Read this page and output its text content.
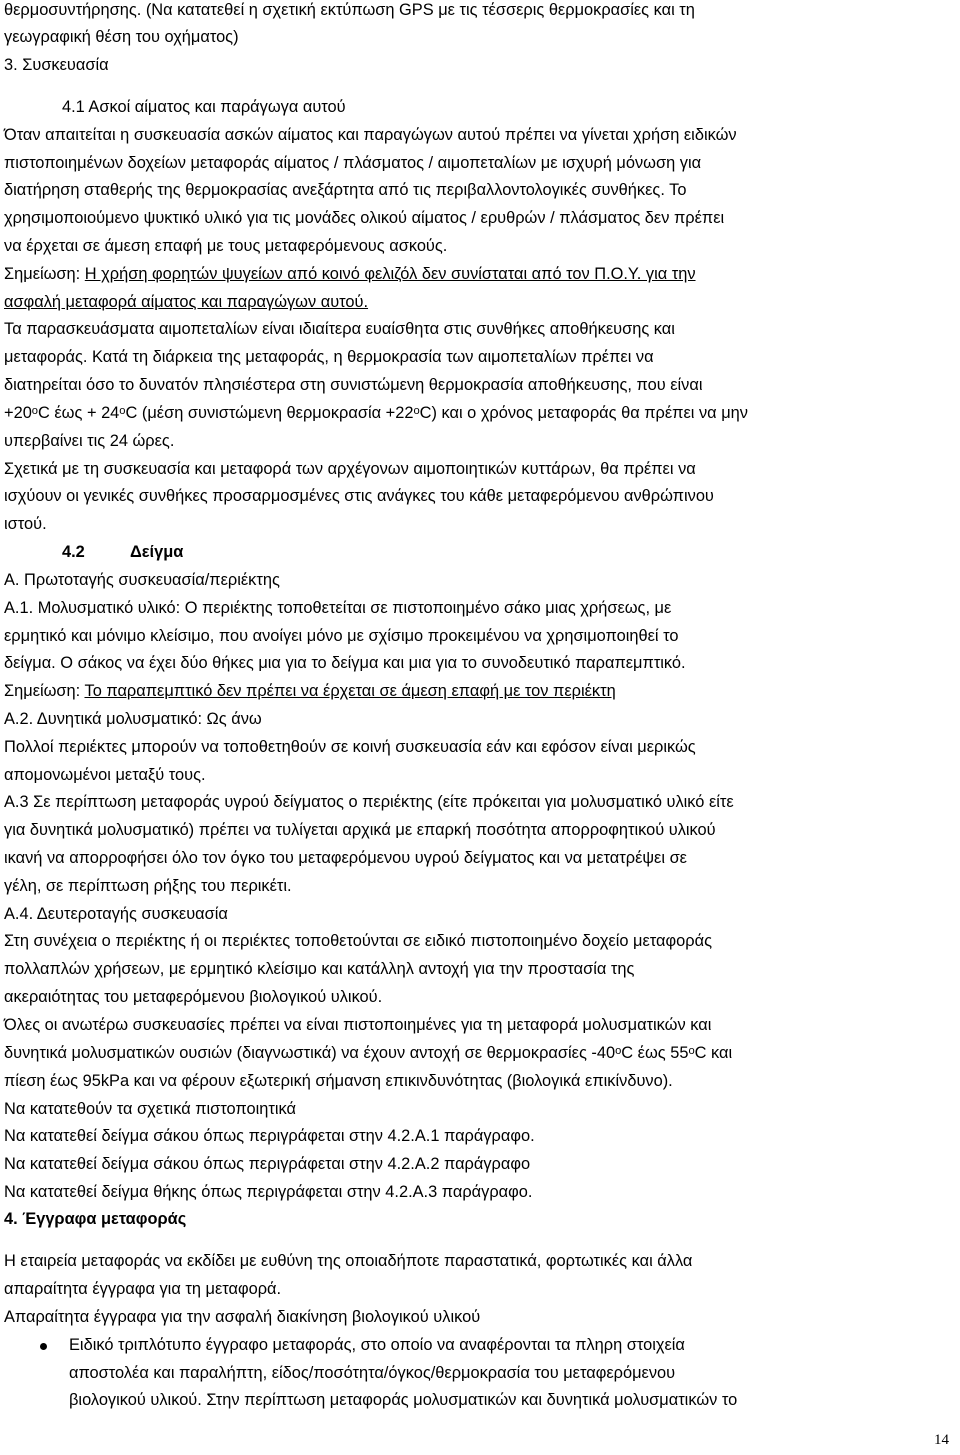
θερμοσυντήρησης. (Να κατατεθεί η σχετική εκτύπωση GPS με τις τέσσερις θερμοκρασίες και τη
γεωγραφική θέση του οχήματος)
3. Συσκευασία
4.1 Ασκοί αίματος και παράγωγα αυτού
Όταν απαιτείται η συσκευασία ασκών αίματος και παραγώγων αυτού πρέπει να γίνεται χρήση ειδικών
πιστοποιημένων δοχείων μεταφοράς αίματος / πλάσματος / αιμοπεταλίων με ισχυρή μόνωση για
διατήρηση σταθερής της θερμοκρασίας ανεξάρτητα από τις περιβαλλοντολογικές συνθήκες. Το
χρησιμοποιούμενο ψυκτικό υλικό για τις μονάδες ολικού αίματος / ερυθρών / πλάσματος δεν πρέπει
να έρχεται σε άμεση επαφή με τους μεταφερόμενους ασκούς.
Σημείωση: Η χρήση φορητών ψυγείων από κοινό φελιζόλ δεν συνίσταται από τον Π.Ο.Υ. για την
ασφαλή μεταφορά αίματος και παραγώγων αυτού.
Τα παρασκευάσματα αιμοπεταλίων είναι ιδιαίτερα ευαίσθητα στις συνθήκες αποθήκευσης και
μεταφοράς. Κατά τη διάρκεια της μεταφοράς, η θερμοκρασία των αιμοπεταλίων πρέπει να
διατηρείται όσο το δυνατόν πλησιέστερα στη συνιστώμενη θερμοκρασία αποθήκευσης, που είναι
+20ᵒC έως + 24ᵒC (μέση συνιστώμενη θερμοκρασία +22ᵒC) και ο χρόνος μεταφοράς θα πρέπει να μην
υπερβαίνει τις 24 ώρες.
Σχετικά με τη συσκευασία και μεταφορά των αρχέγονων αιμοποιητικών κυττάρων, θα πρέπει να
ισχύουν οι γενικές συνθήκες προσαρμοσμένες στις ανάγκες του κάθε μεταφερόμενου ανθρώπινου
ιστού.
4.2	Δείγμα
Α. Πρωτοταγής συσκευασία/περιέκτης
Α.1. Μολυσματικό υλικό: Ο περιέκτης τοποθετείται σε πιστοποιημένο σάκο μιας χρήσεως, με
ερμητικό και μόνιμο κλείσιμο, που ανοίγει μόνο με σχίσιμο προκειμένου να χρησιμοποιηθεί το
δείγμα. Ο σάκος να έχει δύο θήκες μια για το δείγμα και μια για το συνοδευτικό παραπεμπτικό.
Σημείωση: Το παραπεμπτικό δεν πρέπει να έρχεται σε άμεση επαφή με τον περιέκτη
Α.2. Δυνητικά μολυσματικό: Ως άνω
Πολλοί περιέκτες μπορούν να τοποθετηθούν σε κοινή συσκευασία εάν και εφόσον είναι μερικώς
απομονωμένοι μεταξύ τους.
Α.3 Σε περίπτωση μεταφοράς υγρού δείγματος ο περιέκτης (είτε πρόκειται για μολυσματικό υλικό είτε
για δυνητικά μολυσματικό) πρέπει να τυλίγεται αρχικά με επαρκή ποσότητα απορροφητικού υλικού
ικανή να απορροφήσει όλο τον όγκο του μεταφερόμενου υγρού δείγματος και να μετατρέψει σε
γέλη, σε περίπτωση ρήξης του περικέτι.
Α.4. Δευτεροταγής συσκευασία
Στη συνέχεια ο περιέκτης ή οι περιέκτες τοποθετούνται σε ειδικό πιστοποιημένο δοχείο μεταφοράς
πολλαπλών χρήσεων, με ερμητικό κλείσιμο και κατάλληλ αντοχή για την προστασία της
ακεραιότητας του μεταφερόμενου βιολογικού υλικού.
Όλες οι ανωτέρω συσκευασίες πρέπει να είναι πιστοποιημένες για τη μεταφορά μολυσματικών και
δυνητικά μολυσματικών ουσιών (διαγνωστικά) να έχουν αντοχή σε θερμοκρασίες -40ᵒC έως 55ᵒC και
πίεση έως 95kPa και να φέρουν εξωτερική σήμανση επικινδυνότητας (βιολογικά επικίνδυνο).
Να κατατεθούν τα σχετικά πιστοποιητικά
Να κατατεθεί δείγμα σάκου όπως περιγράφεται στην 4.2.Α.1 παράγραφο.
Να κατατεθεί δείγμα σάκου όπως περιγράφεται στην 4.2.Α.2 παράγραφο
Να κατατεθεί δείγμα θήκης όπως περιγράφεται στην 4.2.Α.3 παράγραφο.
4. Έγγραφα μεταφοράς
Η εταιρεία μεταφοράς να εκδίδει με ευθύνη της οποιαδήποτε παραστατικά, φορτωτικές και άλλα
απαραίτητα έγγραφα για τη μεταφορά.
Απαραίτητα έγγραφα για την ασφαλή διακίνηση βιολογικού υλικού
Ειδικό τριπλότυπο έγγραφο μεταφοράς, στο οποίο να αναφέρονται τα πληρη στοιχεία
αποστολέα και παραλήπτη, είδος/ποσότητα/όγκος/θερμοκρασία του μεταφερόμενου
βιολογικού υλικού. Στην περίπτωση μεταφοράς μολυσματικών και δυνητικά μολυσματικών το
14
